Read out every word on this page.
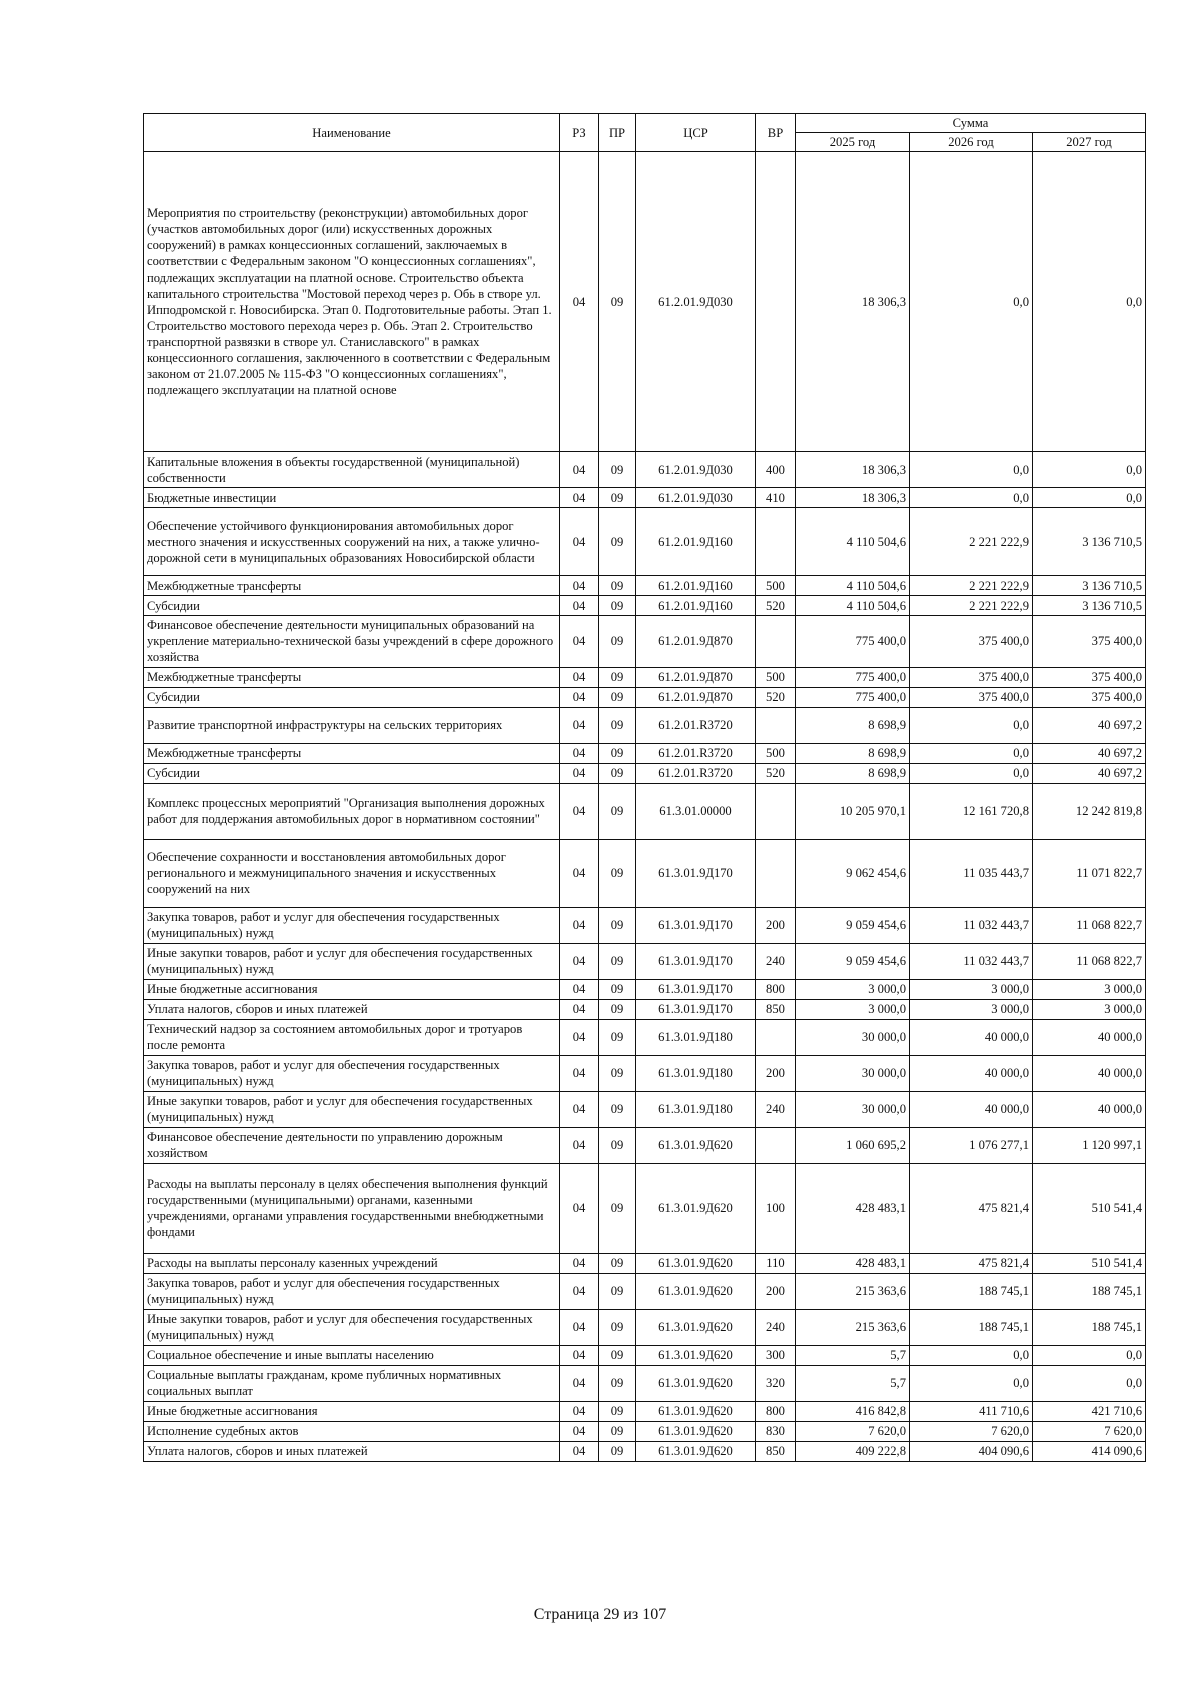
Наименование	РЗ	ПР	ЦСР	ВР	Сумма		
					2025 год	2026 год	2027 год
Мероприятия по строительству (реконструкции) автомобильных дорог (участков автомобильных дорог (или) искусственных дорожных сооружений) в рамках концессионных соглашений, заключаемых в соответствии с Федеральным законом "О концессионных соглашениях", подлежащих эксплуатации на платной основе. Строительство объекта капитального строительства "Мостовой переход через р. Обь в створе ул. Ипподромской г. Новосибирска. Этап 0. Подготовительные работы. Этап 1. Строительство мостового перехода через р. Обь. Этап 2. Строительство транспортной развязки в створе ул. Станиславского" в рамках концессионного соглашения, заключенного в соответствии с Федеральным законом от 21.07.2005 № 115-ФЗ "О концессионных соглашениях", подлежащего эксплуатации на платной основе	04	09	61.2.01.9Д030		18 306,3	0,0	0,0
Капитальные вложения в объекты государственной (муниципальной) собственности	04	09	61.2.01.9Д030	400	18 306,3	0,0	0,0
Бюджетные инвестиции	04	09	61.2.01.9Д030	410	18 306,3	0,0	0,0
Обеспечение устойчивого функционирования автомобильных дорог местного значения и искусственных сооружений на них, а также улично-дорожной сети в муниципальных образованиях Новосибирской области	04	09	61.2.01.9Д160		4 110 504,6	2 221 222,9	3 136 710,5
Межбюджетные трансферты	04	09	61.2.01.9Д160	500	4 110 504,6	2 221 222,9	3 136 710,5
Субсидии	04	09	61.2.01.9Д160	520	4 110 504,6	2 221 222,9	3 136 710,5
Финансовое обеспечение деятельности муниципальных образований на укрепление материально-технической базы учреждений в сфере дорожного хозяйства	04	09	61.2.01.9Д870		775 400,0	375 400,0	375 400,0
Межбюджетные трансферты	04	09	61.2.01.9Д870	500	775 400,0	375 400,0	375 400,0
Субсидии	04	09	61.2.01.9Д870	520	775 400,0	375 400,0	375 400,0
Развитие транспортной инфраструктуры на сельских территориях	04	09	61.2.01.R3720		8 698,9	0,0	40 697,2
Межбюджетные трансферты	04	09	61.2.01.R3720	500	8 698,9	0,0	40 697,2
Субсидии	04	09	61.2.01.R3720	520	8 698,9	0,0	40 697,2
Комплекс процессных мероприятий "Организация выполнения дорожных работ для поддержания автомобильных дорог в нормативном состоянии"	04	09	61.3.01.00000		10 205 970,1	12 161 720,8	12 242 819,8
Обеспечение сохранности и восстановления автомобильных дорог регионального и межмуниципального значения и искусственных сооружений на них	04	09	61.3.01.9Д170		9 062 454,6	11 035 443,7	11 071 822,7
Закупка товаров, работ и услуг для обеспечения государственных (муниципальных) нужд	04	09	61.3.01.9Д170	200	9 059 454,6	11 032 443,7	11 068 822,7
Иные закупки товаров, работ и услуг для обеспечения государственных (муниципальных) нужд	04	09	61.3.01.9Д170	240	9 059 454,6	11 032 443,7	11 068 822,7
Иные бюджетные ассигнования	04	09	61.3.01.9Д170	800	3 000,0	3 000,0	3 000,0
Уплата налогов, сборов и иных платежей	04	09	61.3.01.9Д170	850	3 000,0	3 000,0	3 000,0
Технический надзор за состоянием автомобильных дорог и тротуаров после ремонта	04	09	61.3.01.9Д180		30 000,0	40 000,0	40 000,0
Закупка товаров, работ и услуг для обеспечения государственных (муниципальных) нужд	04	09	61.3.01.9Д180	200	30 000,0	40 000,0	40 000,0
Иные закупки товаров, работ и услуг для обеспечения государственных (муниципальных) нужд	04	09	61.3.01.9Д180	240	30 000,0	40 000,0	40 000,0
Финансовое обеспечение деятельности по управлению дорожным хозяйством	04	09	61.3.01.9Д620		1 060 695,2	1 076 277,1	1 120 997,1
Расходы на выплаты персоналу в целях обеспечения выполнения функций государственными (муниципальными) органами, казенными учреждениями, органами управления государственными внебюджетными фондами	04	09	61.3.01.9Д620	100	428 483,1	475 821,4	510 541,4
Расходы на выплаты персоналу казенных учреждений	04	09	61.3.01.9Д620	110	428 483,1	475 821,4	510 541,4
Закупка товаров, работ и услуг для обеспечения государственных (муниципальных) нужд	04	09	61.3.01.9Д620	200	215 363,6	188 745,1	188 745,1
Иные закупки товаров, работ и услуг для обеспечения государственных (муниципальных) нужд	04	09	61.3.01.9Д620	240	215 363,6	188 745,1	188 745,1
Социальное обеспечение и иные выплаты населению	04	09	61.3.01.9Д620	300	5,7	0,0	0,0
Социальные выплаты гражданам, кроме публичных нормативных социальных выплат	04	09	61.3.01.9Д620	320	5,7	0,0	0,0
Иные бюджетные ассигнования	04	09	61.3.01.9Д620	800	416 842,8	411 710,6	421 710,6
Исполнение судебных актов	04	09	61.3.01.9Д620	830	7 620,0	7 620,0	7 620,0
Уплата налогов, сборов и иных платежей	04	09	61.3.01.9Д620	850	409 222,8	404 090,6	414 090,6
Страница 29 из 107
